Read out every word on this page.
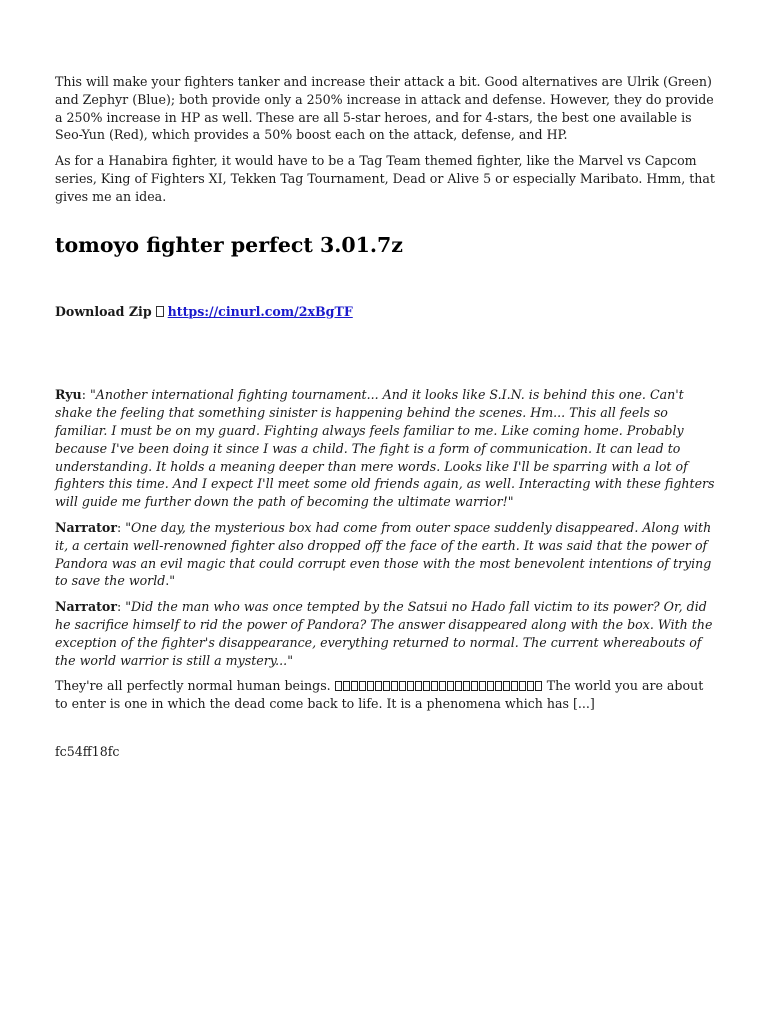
This will make your fighters tanker and increase their attack a bit. Good alternatives are Ulrik (Green) and Zephyr (Blue); both provide only a 250% increase in attack and defense. However, they do provide a 250% increase in HP as well. These are all 5-star heroes, and for 4-stars, the best one available is Seo-Yun (Red), which provides a 50% boost each on the attack, defense, and HP.

As for a Hanabira fighter, it would have to be a Tag Team themed fighter, like the Marvel vs Capcom series, King of Fighters XI, Tekken Tag Tournament, Dead or Alive 5 or especially Maribato. Hmm, that gives me an idea.

tomoyo fighter perfect 3.01.7z
Download Zip https://cinurl.com/2xBgTF

Ryu: "Another international fighting tournament... And it looks like S.I.N. is behind this one. Can't shake the feeling that something sinister is happening behind the scenes. Hm... This all feels so familiar. I must be on my guard. Fighting always feels familiar to me. Like coming home. Probably because I've been doing it since I was a child. The fight is a form of communication. It can lead to understanding. It holds a meaning deeper than mere words. Looks like I'll be sparring with a lot of fighters this time. And I expect I'll meet some old friends again, as well. Interacting with these fighters will guide me further down the path of becoming the ultimate warrior!"

Narrator: "One day, the mysterious box had come from outer space suddenly disappeared. Along with it, a certain well-renowned fighter also dropped off the face of the earth. It was said that the power of Pandora was an evil magic that could corrupt even those with the most benevolent intentions of trying to save the world."

Narrator: "Did the man who was once tempted by the Satsui no Hado fall victim to its power? Or, did he sacrifice himself to rid the power of Pandora? The answer disappeared along with the box. With the exception of the fighter's disappearance, everything returned to normal. The current whereabouts of the world warrior is still a mystery..."

They're all perfectly normal human beings.	The world you are about to enter is one in which the dead come back to life. It is a phenomena which has [...]

fc54ff18fc
